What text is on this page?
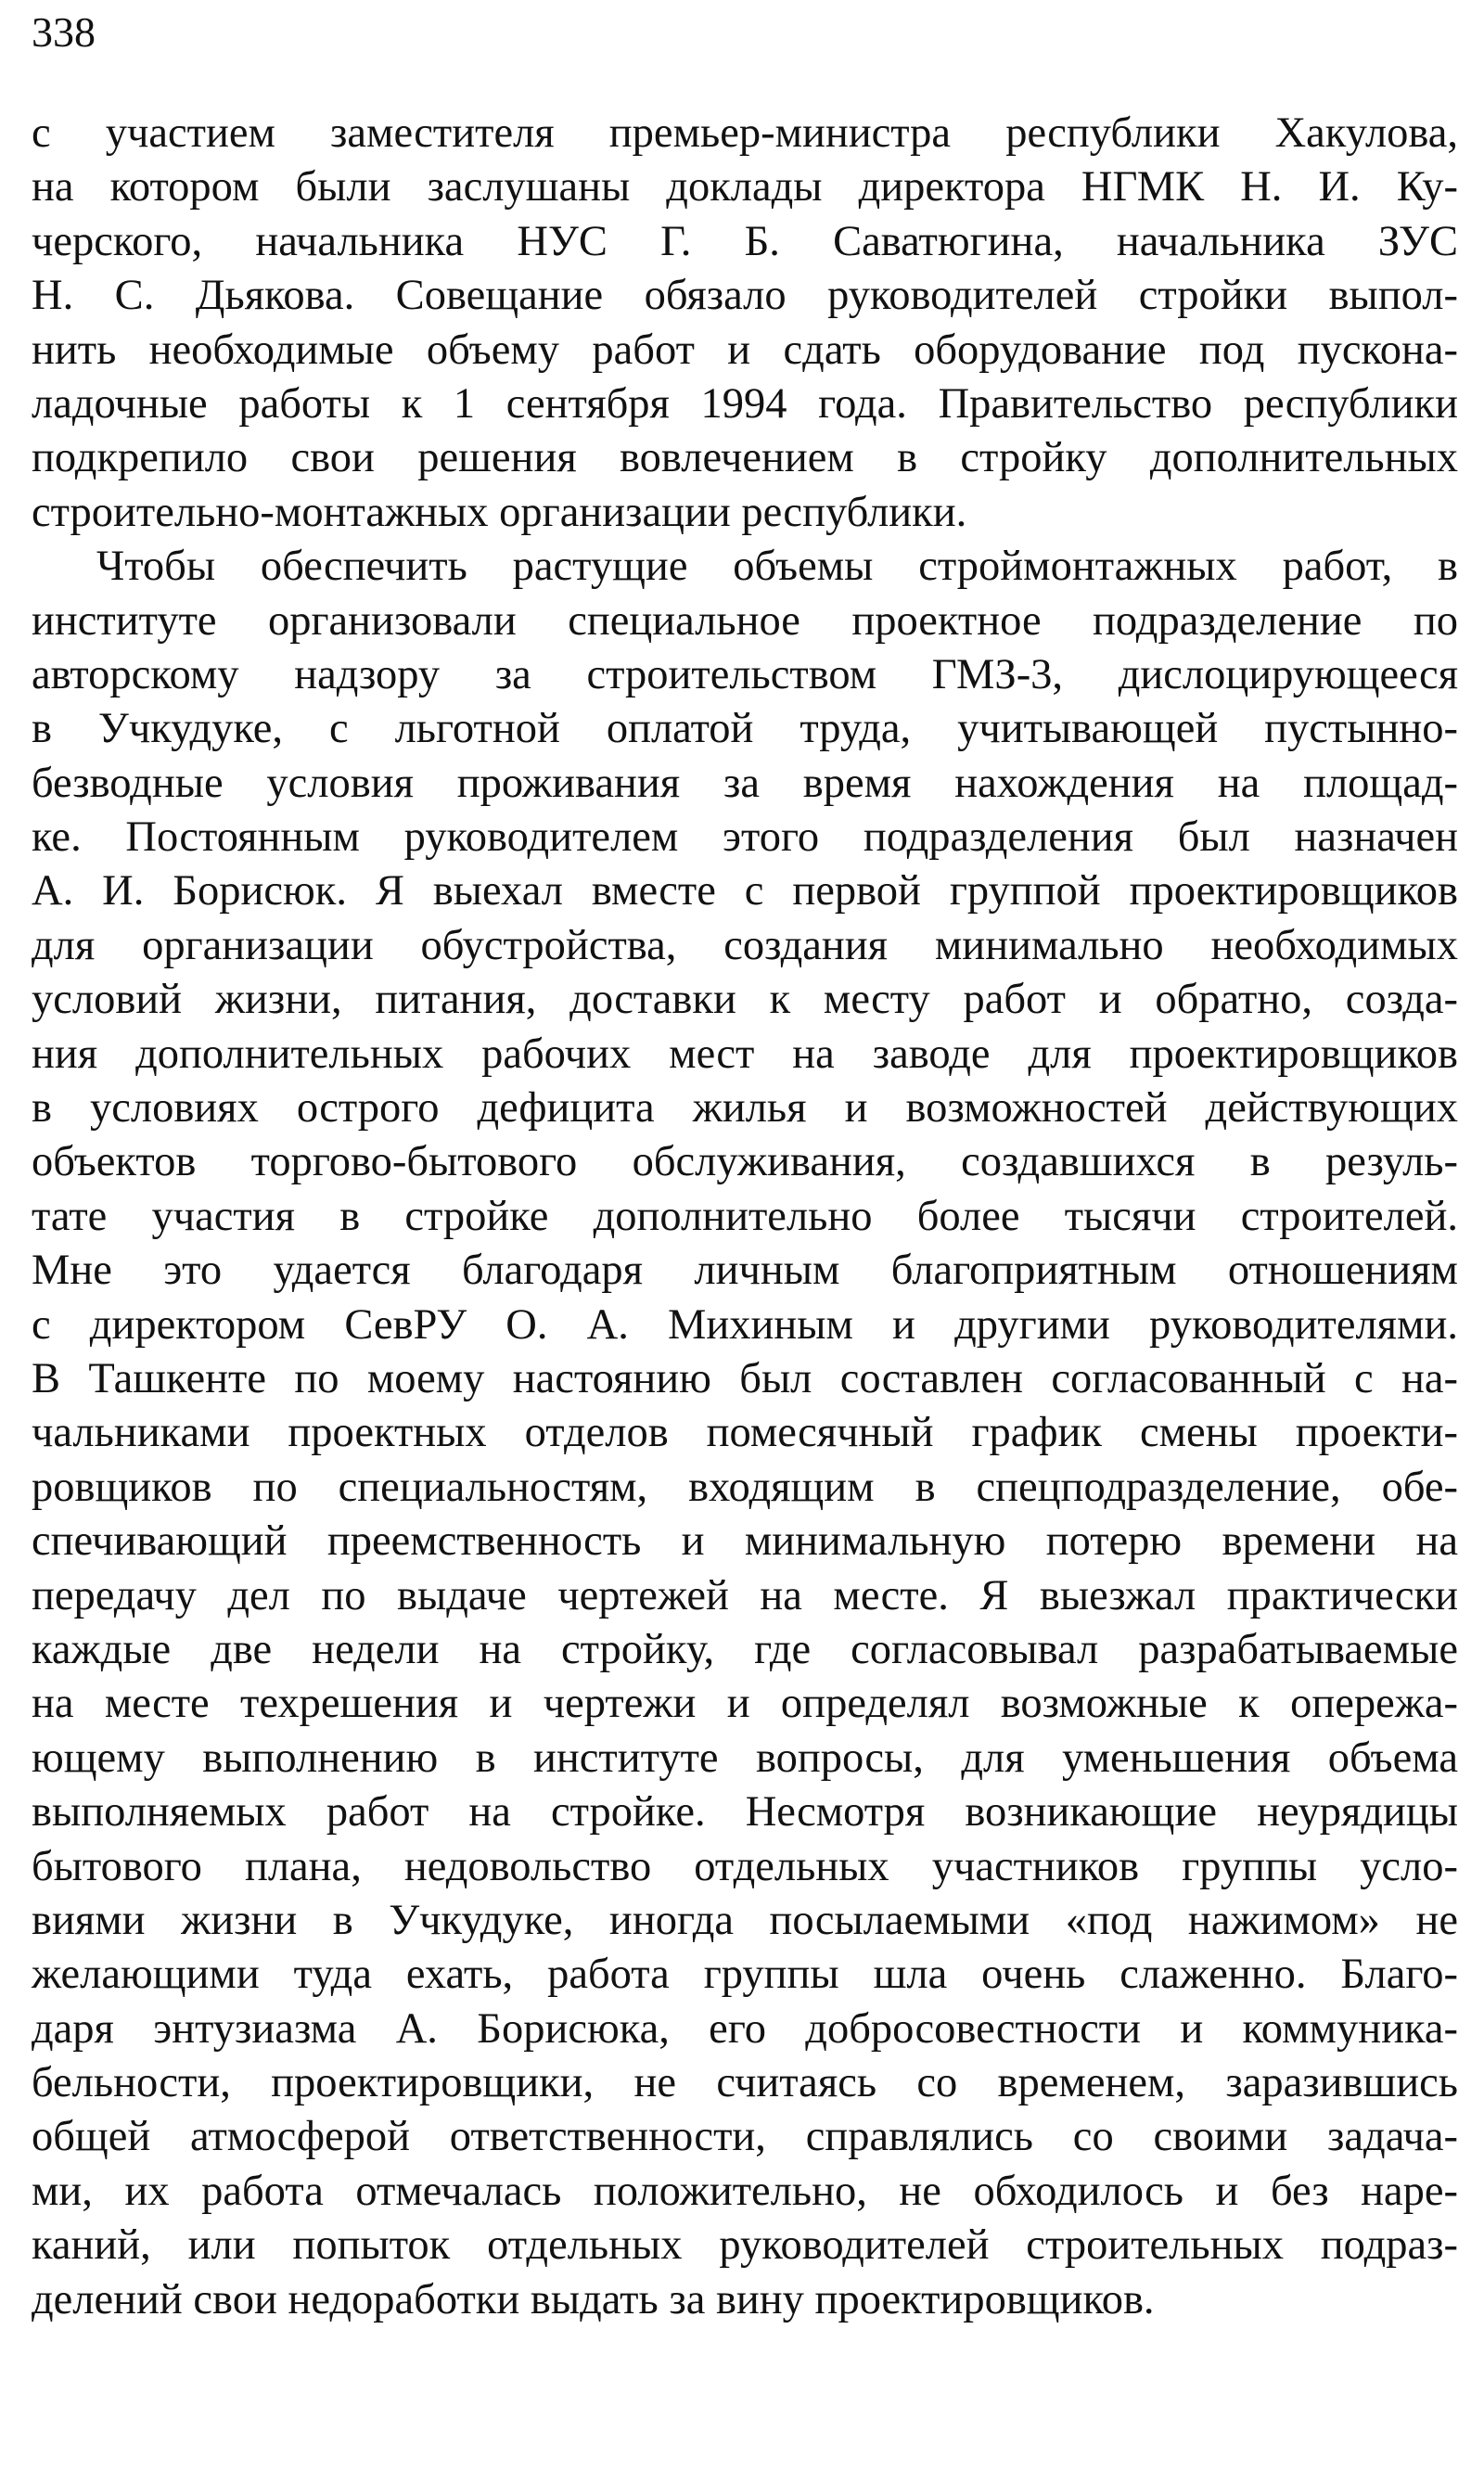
338
с участием заместителя премьер-министра республики Хакулова,
на котором были заслушаны доклады директора НГМК Н. И. Ку-
черского, начальника НУС Г. Б. Саватюгина, начальника ЗУС
Н. С. Дьякова. Совещание обязало руководителей стройки выпол-
нить необходимые объему работ и сдать оборудование под пускона-
ладочные работы к 1 сентября 1994 года. Правительство республики
подкрепило свои решения вовлечением в стройку дополнительных
строительно-монтажных организации республики.
Чтобы обеспечить растущие объемы строймонтажных работ, в
институте организовали специальное проектное подразделение по
авторскому надзору за строительством ГМЗ-3, дислоцирующееся
в Учкудуке, с льготной оплатой труда, учитывающей пустынно-
безводные условия проживания за время нахождения на площад-
ке. Постоянным руководителем этого подразделения был назначен
А. И. Борисюк. Я выехал вместе с первой группой проектировщиков
для организации обустройства, создания минимально необходимых
условий жизни, питания, доставки к месту работ и обратно, созда-
ния дополнительных рабочих мест на заводе для проектировщиков
в условиях острого дефицита жилья и возможностей действующих
объектов торгово-бытового обслуживания, создавшихся в резуль-
тате участия в стройке дополнительно более тысячи строителей.
Мне это удается благодаря личным благоприятным отношениям
с директором СевРУ О. А. Михиным и другими руководителями.
В Ташкенте по моему настоянию был составлен согласованный с на-
чальниками проектных отделов помесячный график смены проекти-
ровщиков по специальностям, входящим в спецподразделение, обе-
спечивающий преемственность и минимальную потерю времени на
передачу дел по выдаче чертежей на месте. Я выезжал практически
каждые две недели на стройку, где согласовывал разрабатываемые
на месте техрешения и чертежи и определял возможные к опережа-
ющему выполнению в институте вопросы, для уменьшения объема
выполняемых работ на стройке. Несмотря возникающие неурядицы
бытового плана, недовольство отдельных участников группы усло-
виями жизни в Учкудуке, иногда посылаемыми «под нажимом» не
желающими туда ехать, работа группы шла очень слаженно. Благо-
даря энтузиазма А. Борисюка, его добросовестности и коммуника-
бельности, проектировщики, не считаясь со временем, заразившись
общей атмосферой ответственности, справлялись со своими задача-
ми, их работа отмечалась положительно, не обходилось и без наре-
каний, или попыток отдельных руководителей строительных подраз-
делений свои недоработки выдать за вину проектировщиков.
